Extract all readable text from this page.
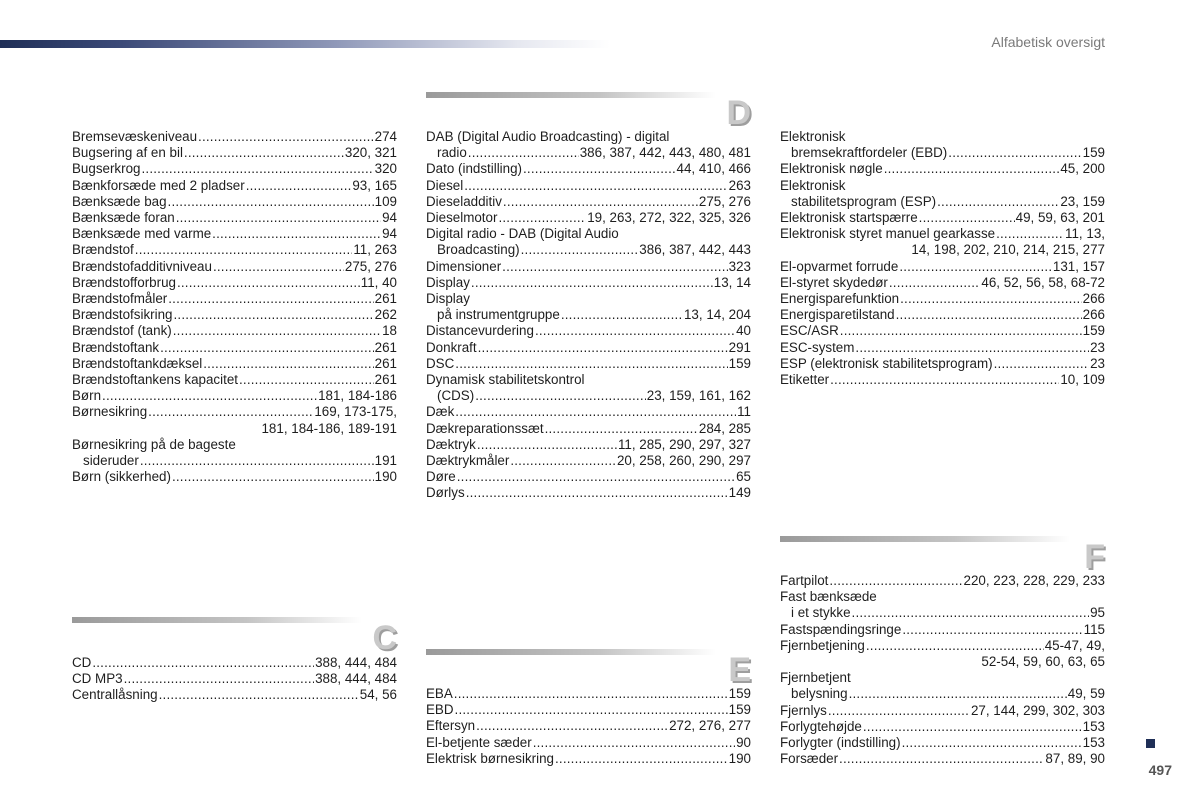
Alfabetisk oversigt
Bremsevæskeniveau .....	274
Bugsering af en bil .....	320, 321
Bugserkrog .....	320
Bænkforsæde med 2 pladser .....	93, 165
Bænksæde bag .....	109
Bænksæde foran .....	94
Bænksæde med varme .....	94
Brændstof .....	11, 263
Brændstofadditivniveau .....	275, 276
Brændstofforbrug .....	11, 40
Brændstofmåler .....	261
Brændstofsikring .....	262
Brændstof (tank) .....	18
Brændstoftank .....	261
Brændstoftankdæksel .....	261
Brændstoftankens kapacitet .....	261
Børn .....	181, 184-186
Børnesikring .....	169, 173-175,
181, 184-186, 189-191
Børnesikring på de bageste
sideruder .....	191
Børn (sikkerhed) .....	190
C
CD .....	388, 444, 484
CD MP3 .....	388, 444, 484
Centrallåsning .....	54, 56
D
DAB (Digital Audio Broadcasting) - digital
radio .....	386, 387, 442, 443, 480, 481
Dato (indstilling) .....	44, 410, 466
Diesel .....	263
Dieseladditiv .....	275, 276
Dieselmotor .....	19, 263, 272, 322, 325, 326
Digital radio - DAB (Digital Audio
Broadcasting) .....	386, 387, 442, 443
Dimensioner .....	323
Display .....	13, 14
Display
på instrumentgruppe .....	13, 14, 204
Distancevurdering .....	40
Donkraft .....	291
DSC .....	159
Dynamisk stabilitetskontrol
(CDS) .....	23, 159, 161, 162
Dæk .....	11
Dækreparationssæt .....	284, 285
Dæktryk .....	11, 285, 290, 297, 327
Dæktrykmåler .....	20, 258, 260, 290, 297
Døre .....	65
Dørlys .....	149
E
EBA .....	159
EBD .....	159
Eftersyn .....	272, 276, 277
El-betjente sæder .....	90
Elektrisk børnesikring .....	190
Elektronisk
bremsekraftfordeler (EBD) .....	159
Elektronisk nøgle .....	45, 200
Elektronisk
stabilitetsprogram (ESP) .....	23, 159
Elektronisk startspærre .....	49, 59, 63, 201
Elektronisk styret manuel gearkasse .....	11, 13,
14, 198, 202, 210, 214, 215, 277
El-opvarmet forrude .....	131, 157
El-styret skydedør .....	46, 52, 56, 58, 68-72
Energisparefunktion .....	266
Energisparetilstand .....	266
ESC/ASR .....	159
ESC-system .....	23
ESP (elektronisk stabilitetsprogram) .....	23
Etiketter .....	10, 109
F
Fartpilot .....	220, 223, 228, 229, 233
Fast bænksæde
i et stykke .....	95
Fastspændingsringe .....	115
Fjernbetjening .....	45-47, 49,
52-54, 59, 60, 63, 65
Fjernbetjent
belysning .....	49, 59
Fjernlys .....	27, 144, 299, 302, 303
Forlygtehøjde .....	153
Forlygter (indstilling) .....	153
Forsæder .....	87, 89, 90
497
